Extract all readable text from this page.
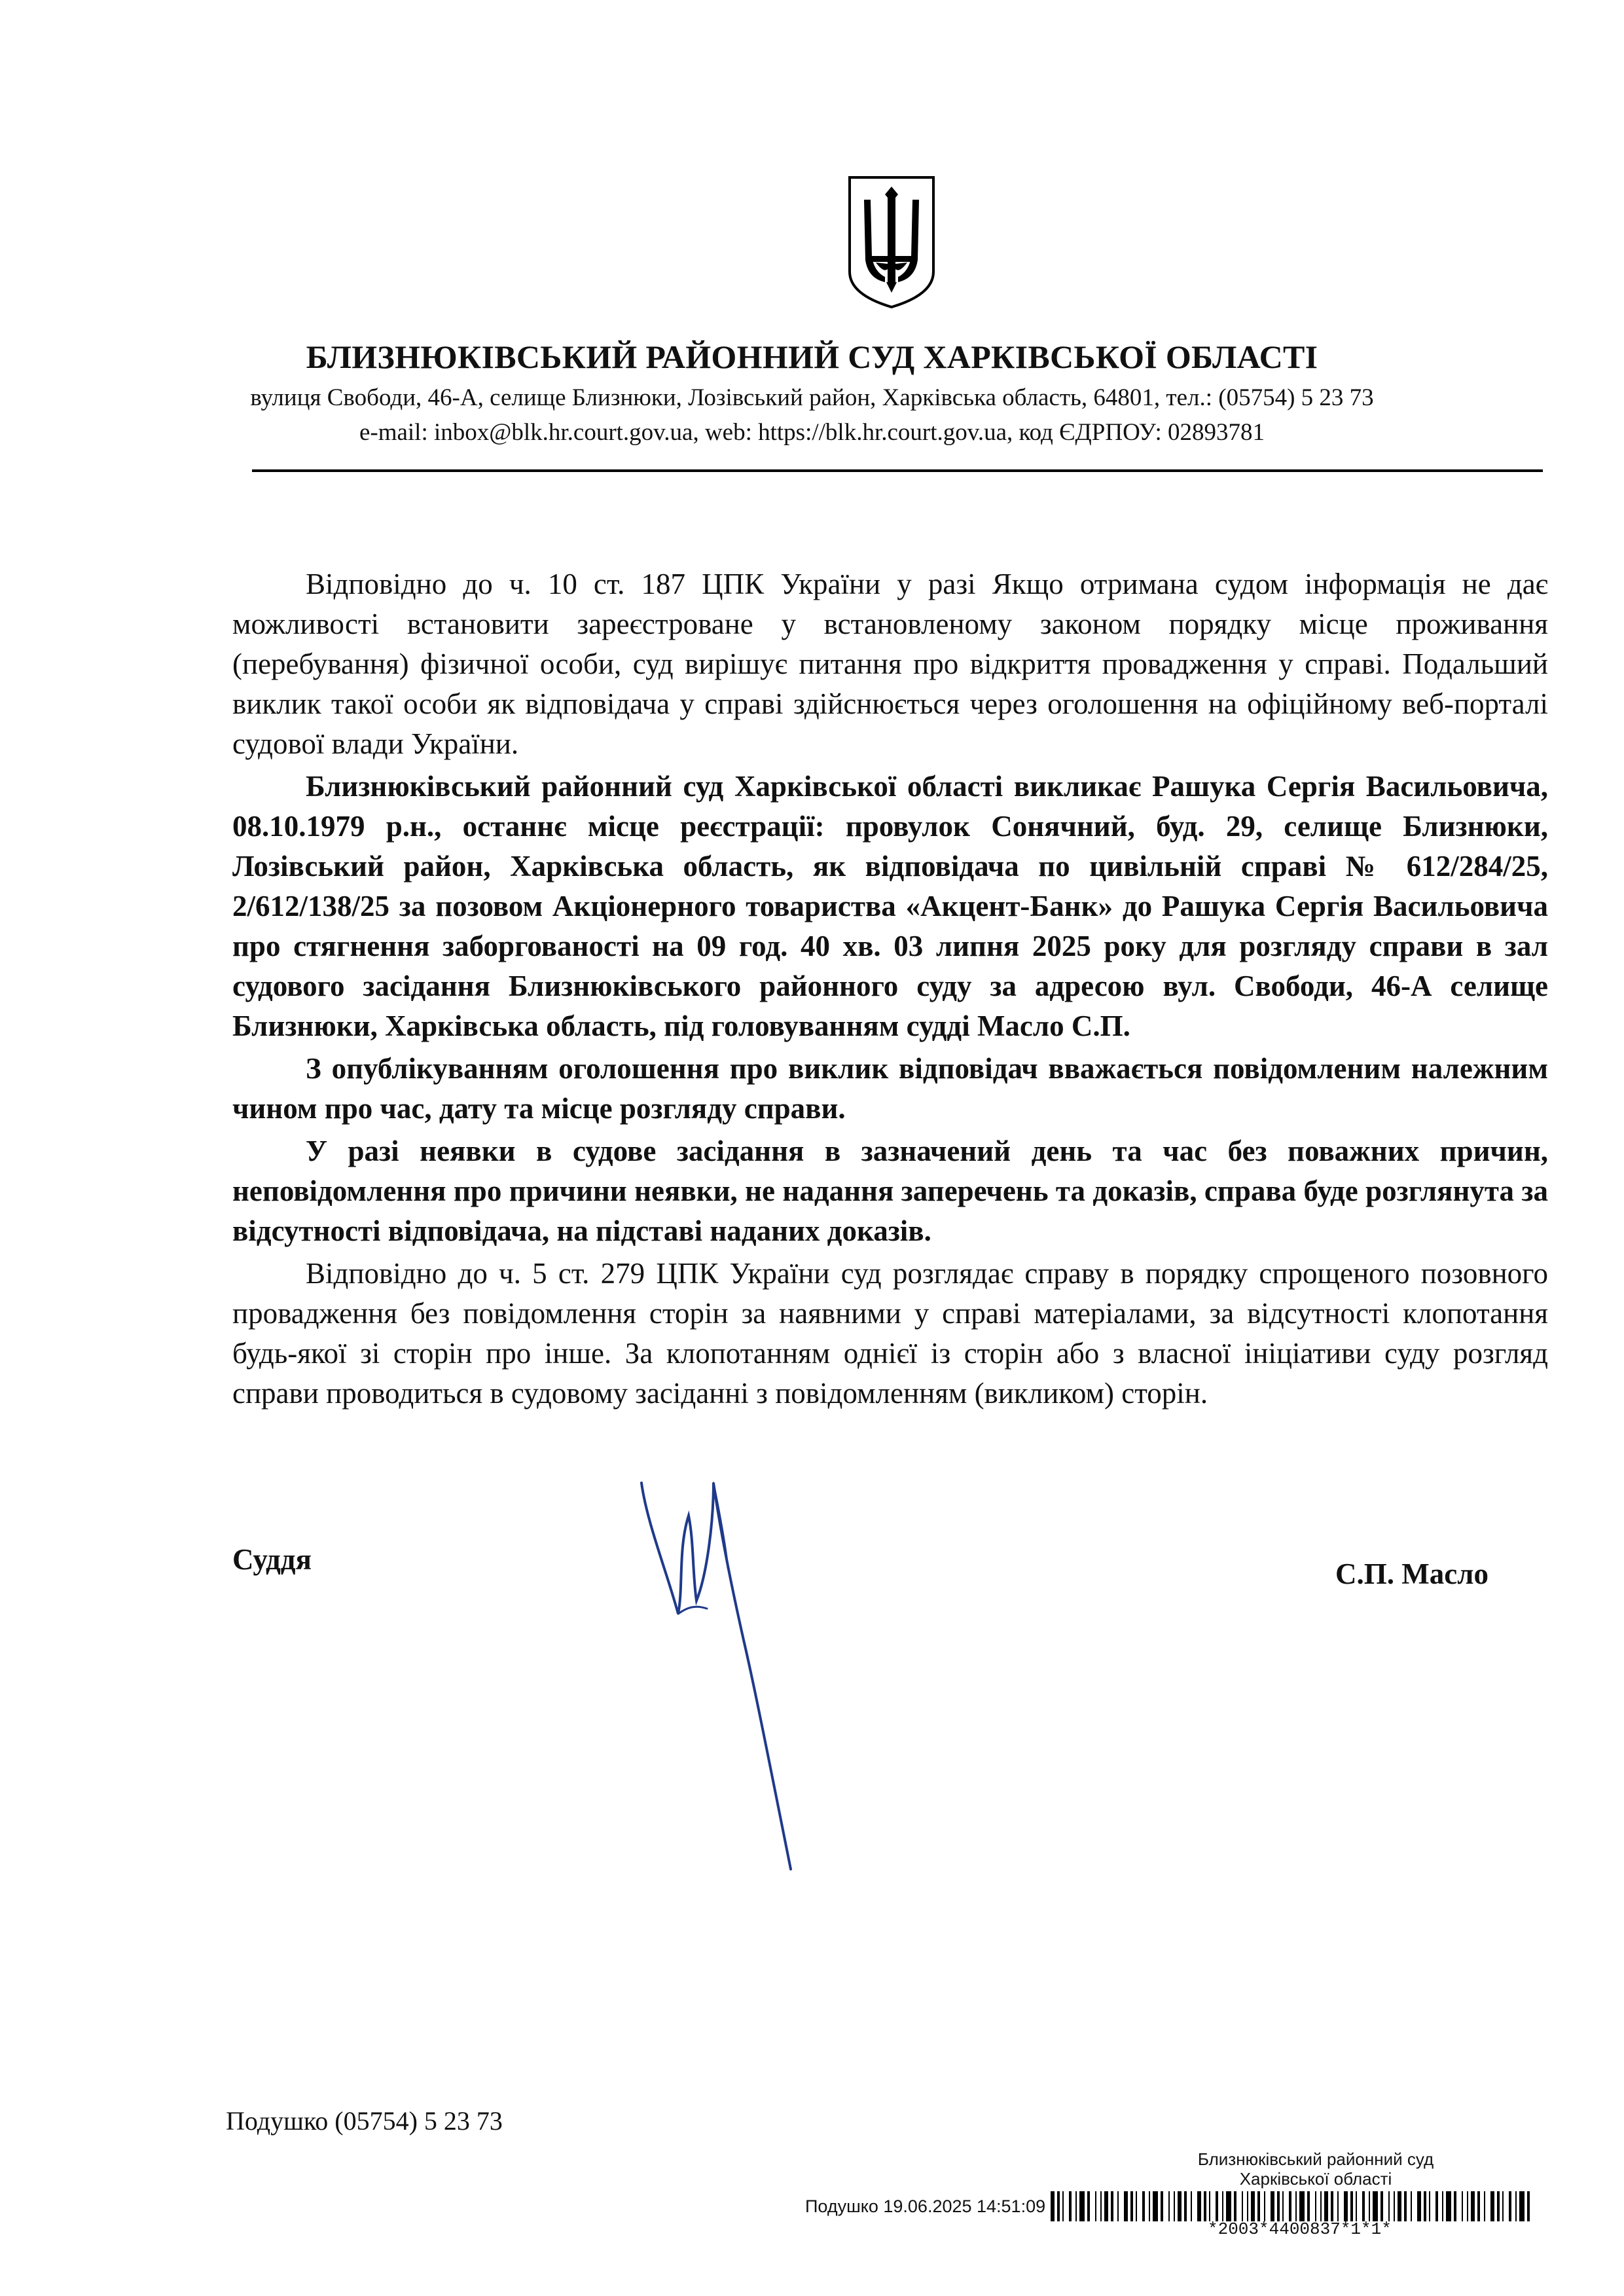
БЛИЗНЮКІВСЬКИЙ РАЙОННИЙ СУД ХАРКІВСЬКОЇ ОБЛАСТІ
вулиця Свободи, 46-А, селище Близнюки, Лозівський район, Харківська область, 64801, тел.: (05754) 5 23 73
e-mail: inbox@blk.hr.court.gov.ua, web: https://blk.hr.court.gov.ua, код ЄДРПОУ: 02893781

Відповідно до ч. 10 ст. 187 ЦПК України у разі Якщо отримана судом інформація не дає можливості встановити зареєстроване у встановленому законом порядку місце проживання (перебування) фізичної особи, суд вирішує питання про відкриття провадження у справі. Подальший виклик такої особи як відповідача у справі здійснюється через оголошення на офіційному веб-порталі судової влади України.

Близнюківський районний суд Харківської області викликає Рашука Сергія Васильовича, 08.10.1979 р.н., останнє місце реєстрації: провулок Сонячний, буд. 29, селище Близнюки, Лозівський район, Харківська область, як відповідача по цивільній справі № 612/284/25, 2/612/138/25 за позовом Акціонерного товариства «Акцент-Банк» до Рашука Сергія Васильовича про стягнення заборгованості на 09 год. 40 хв. 03 липня 2025 року для розгляду справи в зал судового засідання Близнюківського районного суду за адресою вул. Свободи, 46-А селище Близнюки, Харківська область, під головуванням судді Масло С.П.

З опублікуванням оголошення про виклик відповідач вважається повідомленим належним чином про час, дату та місце розгляду справи.

У разі неявки в судове засідання в зазначений день та час без поважних причин, неповідомлення про причини неявки, не надання заперечень та доказів, справа буде розглянута за відсутності відповідача, на підставі наданих доказів.

Відповідно до ч. 5 ст. 279 ЦПК України суд розглядає справу в порядку спрощеного позовного провадження без повідомлення сторін за наявними у справі матеріалами, за відсутності клопотання будь-якої зі сторін про інше. За клопотанням однієї із сторін або з власної ініціативи суду розгляд справи проводиться в судовому засіданні з повідомленням (викликом) сторін.

Суддя	С.П. Масло
Подушко (05754) 5 23 73
Близнюківський районний суд
Харківської області
Подушко 19.06.2025 14:51:09
*2003*4400837*1*1*
